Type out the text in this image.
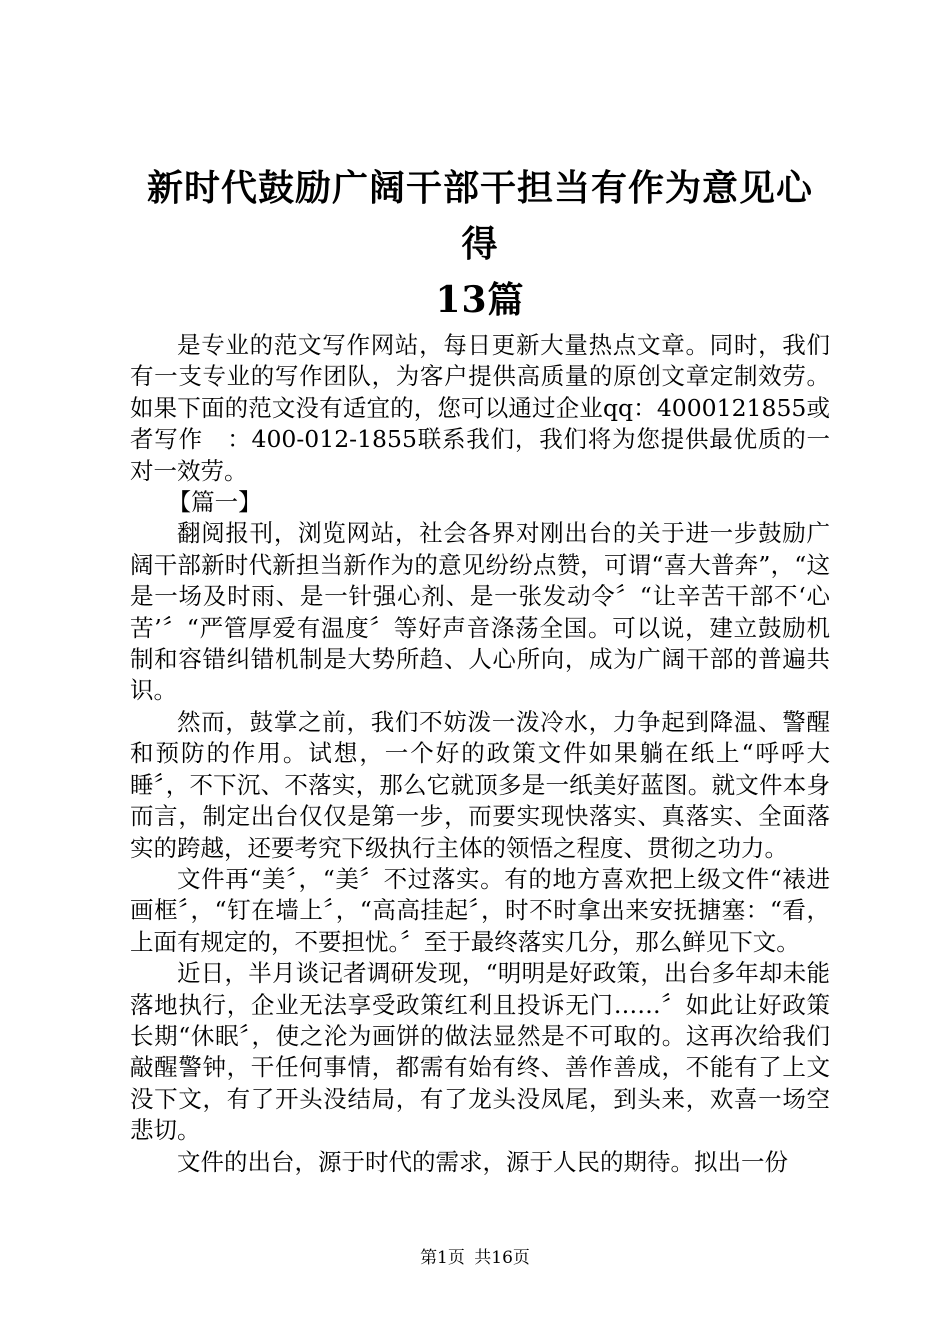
新时代鼓励广阔干部干担当有作为意见心得
13篇

是专业的范文写作网站，每日更新大量热点文章。同时，我们有一支专业的写作团队，为客户提供高质量的原创文章定制效劳。如果下面的范文没有适宜的，您可以通过企业qq：4000121855或者写作　：400-012-1855联系我们，我们将为您提供最优质的一对一效劳。

【篇一】

翻阅报刊，浏览网站，社会各界对刚出台的关于进一步鼓励广阔干部新时代新担当新作为的意见纷纷点赞，可谓“喜大普奔”，“这是一场及时雨、是一针强心剂、是一张发动令〞“让辛苦干部不‘心苦’〞“严管厚爱有温度〞等好声音涤荡全国。可以说，建立鼓励机制和容错纠错机制是大势所趋、人心所向，成为广阔干部的普遍共识。

然而，鼓掌之前，我们不妨泼一泼冷水，力争起到降温、警醒和预防的作用。试想，一个好的政策文件如果躺在纸上“呼呼大睡〞，不下沉、不落实，那么它就顶多是一纸美好蓝图。就文件本身而言，制定出台仅仅是第一步，而要实现快落实、真落实、全面落实的跨越，还要考究下级执行主体的领悟之程度、贯彻之功力。

文件再“美〞，“美〞不过落实。有的地方喜欢把上级文件“裱进画框〞，“钉在墙上〞，“高高挂起〞，时不时拿出来安抚搪塞：“看，上面有规定的，不要担忧。〞至于最终落实几分，那么鲜见下文。

近日，半月谈记者调研发现，“明明是好政策，出台多年却未能落地执行，企业无法享受政策红利且投诉无门……〞如此让好政策长期“休眠〞，使之沦为画饼的做法显然是不可取的。这再次给我们敲醒警钟，干任何事情，都需有始有终、善作善成，不能有了上文没下文，有了开头没结局，有了龙头没凤尾，到头来，欢喜一场空悲切。

文件的出台，源于时代的需求，源于人民的期待。拟出一份

第1页 共16页
